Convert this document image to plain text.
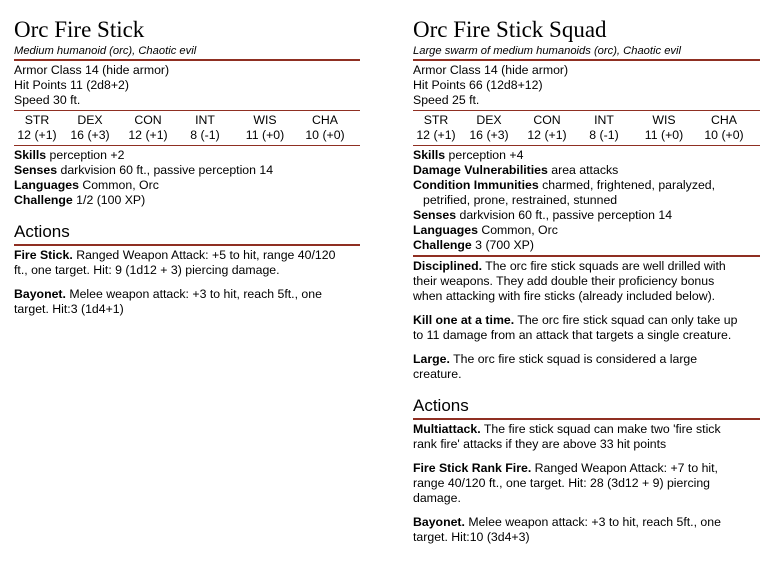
Orc Fire Stick
Medium humanoid (orc), Chaotic evil
Armor Class 14 (hide armor)
Hit Points 11 (2d8+2)
Speed 30 ft.
STR
12 (+1)
DEX
16 (+3)
CON
12 (+1)
INT
8 (-1)
WIS
11 (+0)
CHA
10 (+0)
Skills perception +2
Senses darkvision 60 ft., passive perception 14
Languages Common, Orc
Challenge 1/2 (100 XP)
Actions
Fire Stick. Ranged Weapon Attack: +5 to hit, range 40/120
ft., one target. Hit: 9 (1d12 + 3) piercing damage.
Bayonet. Melee weapon attack: +3 to hit, reach 5ft., one
target. Hit:3 (1d4+1)
Orc Fire Stick Squad
Large swarm of medium humanoids (orc), Chaotic evil
Armor Class 14 (hide armor)
Hit Points 66 (12d8+12)
Speed 25 ft.
STR
12 (+1)
DEX
16 (+3)
CON
12 (+1)
INT
8 (-1)
WIS
11 (+0)
CHA
10 (+0)
Skills perception +4
Damage Vulnerabilities area attacks
Condition Immunities charmed, frightened, paralyzed,
petrified, prone, restrained, stunned
Senses darkvision 60 ft., passive perception 14
Languages Common, Orc
Challenge 3 (700 XP)
Disciplined. The orc fire stick squads are well drilled with
their weapons. They add double their proficiency bonus
when attacking with fire sticks (already included below).
Kill one at a time. The orc fire stick squad can only take up
to 11 damage from an attack that targets a single creature.
Large. The orc fire stick squad is considered a large
creature.
Actions
Multiattack. The fire stick squad can make two 'fire stick
rank fire' attacks if they are above 33 hit points
Fire Stick Rank Fire. Ranged Weapon Attack: +7 to hit,
range 40/120 ft., one target. Hit: 28 (3d12 + 9) piercing
damage.
Bayonet. Melee weapon attack: +3 to hit, reach 5ft., one
target. Hit:10 (3d4+3)
